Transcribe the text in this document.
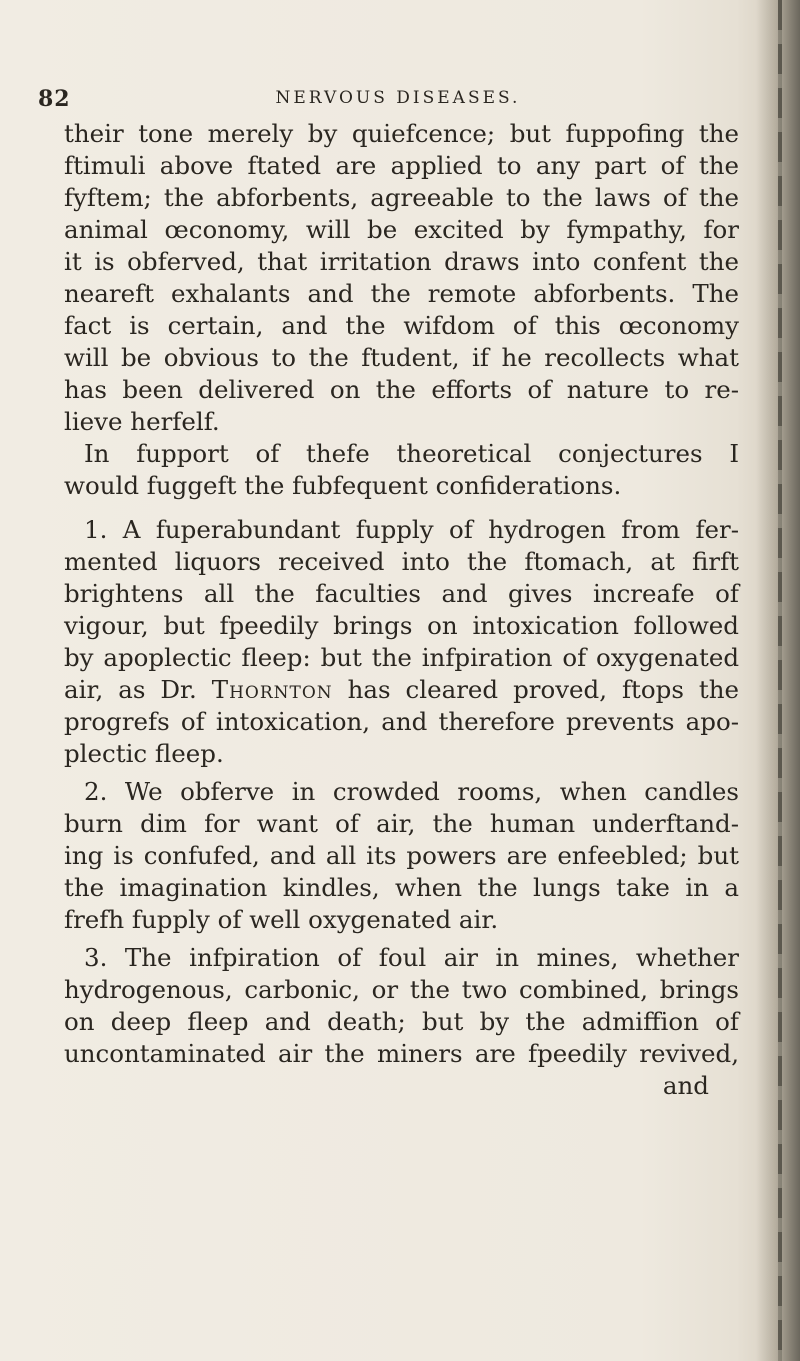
82	NERVOUS DISEASES.
their tone merely by quiefcence; but fuppofing the
ftimuli above ftated are applied to any part of the
fyftem; the abforbents, agreeable to the laws of the
animal œconomy, will be excited by fympathy, for
it is obferved, that irritation draws into confent the
neareft exhalants and the remote abforbents. The
fact is certain, and the wifdom of this œconomy
will be obvious to the ftudent, if he recollects what
has been delivered on the efforts of nature to re-
lieve herfelf.
In fupport of thefe theoretical conjectures I
would fuggeft the fubfequent confiderations.
1. A fuperabundant fupply of hydrogen from fer-
mented liquors received into the ftomach, at firft
brightens all the faculties and gives increafe of
vigour, but fpeedily brings on intoxication followed
by apoplectic fleep: but the infpiration of oxygenated
air, as Dr. Thornton has cleared proved, ftops the
progrefs of intoxication, and therefore prevents apo-
plectic fleep.
2. We obferve in crowded rooms, when candles
burn dim for want of air, the human underftand-
ing is confufed, and all its powers are enfeebled; but
the imagination kindles, when the lungs take in a
frefh fupply of well oxygenated air.
3. The infpiration of foul air in mines, whether
hydrogenous, carbonic, or the two combined, brings
on deep fleep and death; but by the admiffion of
uncontaminated air the miners are fpeedily revived,
and
